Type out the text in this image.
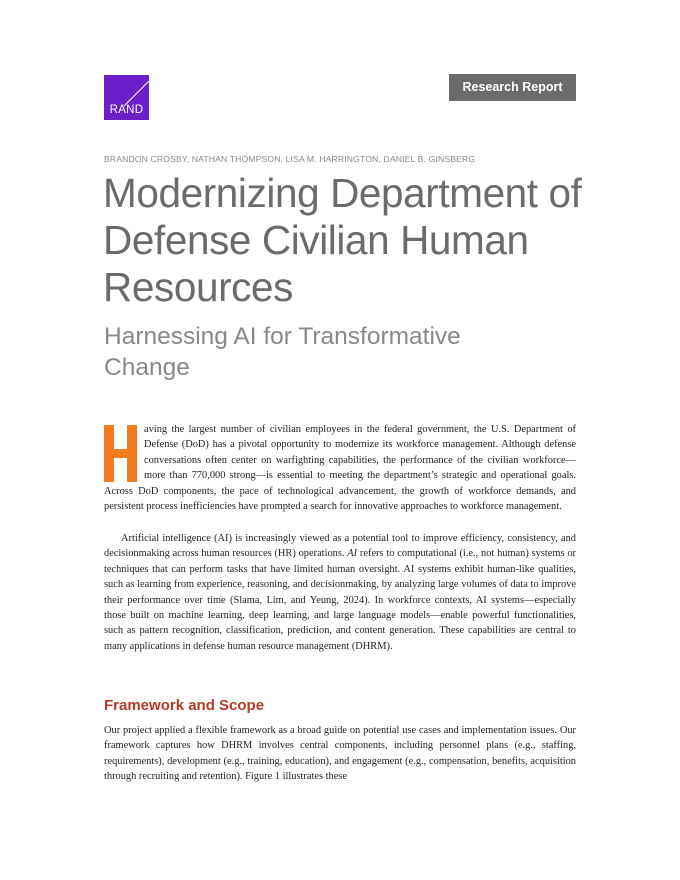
RAND
Research Report
BRANDON CROSBY, NATHAN THOMPSON, LISA M. HARRINGTON, DANIEL B. GINSBERG
Modernizing Department of Defense Civilian Human Resources
Harnessing AI for Transformative Change

aving the largest number of civilian employees in the federal government, the U.S. Department of Defense (DoD) has a pivotal opportunity to modernize its workforce management. Although defense conversations often center on warfighting capabilities, the performance of the civilian workforce—more than 770,000 strong—is essential to meeting the department’s strategic and operational goals. Across DoD components, the pace of technological advancement, the growth of workforce demands, and persistent process inefficiencies have prompted a search for innovative approaches to workforce management.

Artificial intelligence (AI) is increasingly viewed as a potential tool to improve efficiency, consistency, and decisionmaking across human resources (HR) operations. AI refers to computational (i.e., not human) systems or techniques that can perform tasks that have limited human oversight. AI systems exhibit human-like qualities, such as learning from experience, reasoning, and decisionmaking, by analyzing large volumes of data to improve their performance over time (Slama, Lim, and Yeung, 2024). In workforce contexts, AI systems—especially those built on machine learning, deep learning, and large language models—enable powerful functionalities, such as pattern recognition, classification, prediction, and content generation. These capabilities are central to many applications in defense human resource management (DHRM).

Framework and Scope

Our project applied a flexible framework as a broad guide on potential use cases and implementation issues. Our framework captures how DHRM involves central components, including personnel plans (e.g., staffing, requirements), development (e.g., training, education), and engagement (e.g., compensation, benefits, acquisition through recruiting and retention). Figure 1 illustrates these
